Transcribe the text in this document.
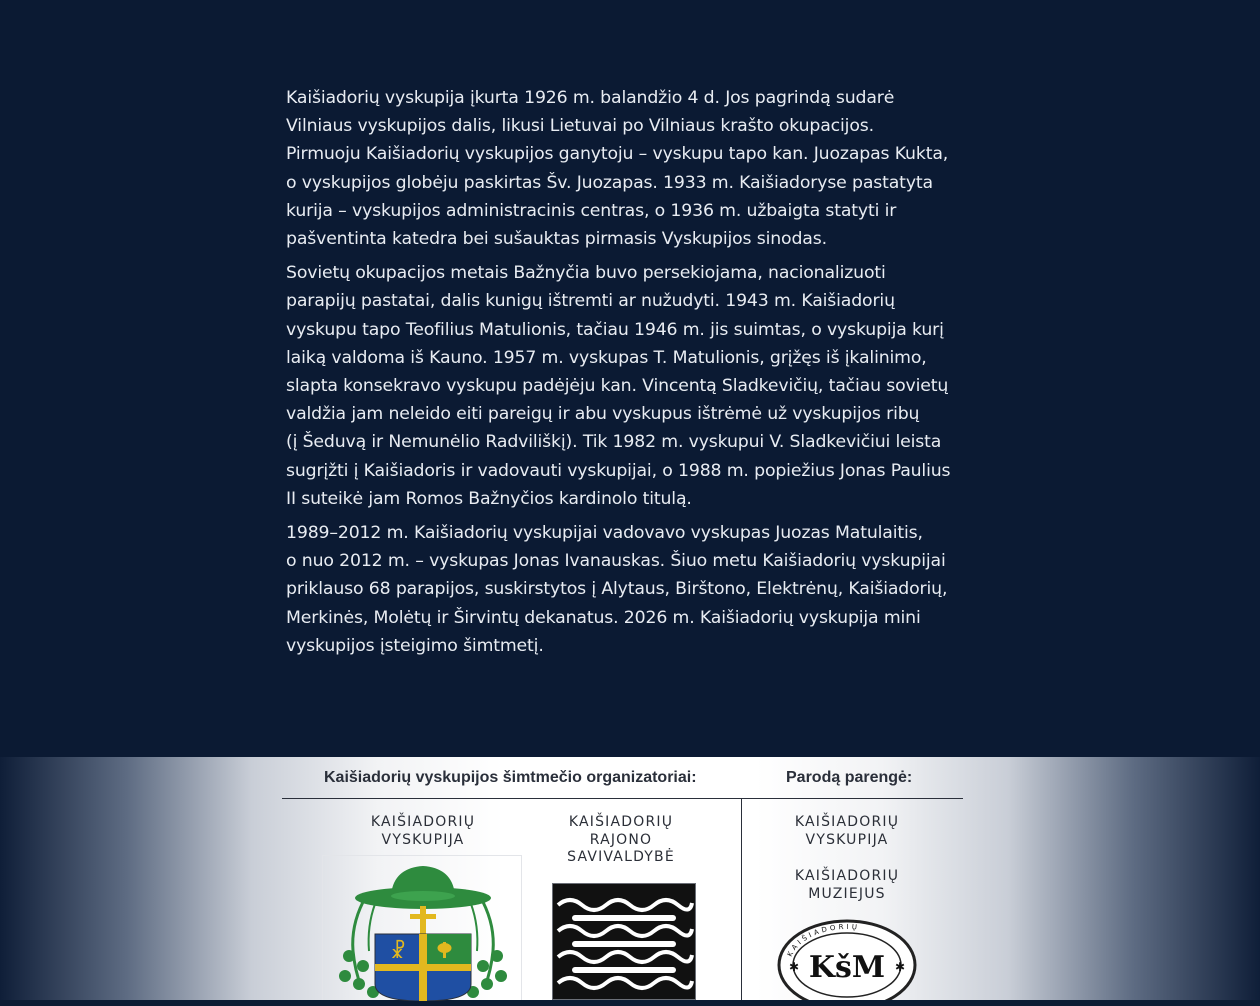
Kaišiadorių vyskupija įkurta 1926 m. balandžio 4 d. Jos pagrindą sudarė
Vilniaus vyskupijos dalis, likusi Lietuvai po Vilniaus krašto okupacijos.
Pirmuoju Kaišiadorių vyskupijos ganytoju – vyskupu tapo kan. Juozapas Kukta,
o vyskupijos globėju paskirtas Šv. Juozapas. 1933 m. Kaišiadoryse pastatyta
kurija – vyskupijos administracinis centras, o 1936 m. užbaigta statyti ir
pašventinta katedra bei sušauktas pirmasis Vyskupijos sinodas.

Sovietų okupacijos metais Bažnyčia buvo persekiojama, nacionalizuoti
parapijų pastatai, dalis kunigų ištremti ar nužudyti. 1943 m. Kaišiadorių
vyskupu tapo Teofilius Matulionis, tačiau 1946 m. jis suimtas, o vyskupija kurį
laiką valdoma iš Kauno. 1957 m. vyskupas T. Matulionis, grįžęs iš įkalinimo,
slapta konsekravo vyskupu padėjėju kan. Vincentą Sladkevičių, tačiau sovietų
valdžia jam neleido eiti pareigų ir abu vyskupus ištrėmė už vyskupijos ribų
(į Šeduvą ir Nemunėlio Radviliškį). Tik 1982 m. vyskupui V. Sladkevičiui leista
sugrįžti į Kaišiadoris ir vadovauti vyskupijai, o 1988 m. popiežius Jonas Paulius
II suteikė jam Romos Bažnyčios kardinolo titulą.

1989–2012 m. Kaišiadorių vyskupijai vadovavo vyskupas Juozas Matulaitis,
o nuo 2012 m. – vyskupas Jonas Ivanauskas. Šiuo metu Kaišiadorių vyskupijai
priklauso 68 parapijos, suskirstytos į Alytaus, Birštono, Elektrėnų, Kaišiadorių,
Merkinės, Molėtų ir Širvintų dekanatus. 2026 m. Kaišiadorių vyskupija mini
vyskupijos įsteigimo šimtmetį.

Kaišiadorių vyskupijos šimtmečio organizatoriai:	Parodą parengė:
KAIŠIADORIŲ
VYSKUPIJA
☧
KAIŠIADORIŲ
RAJONO
SAVIVALDYBĖ
KAIŠIADORIŲ
VYSKUPIJA
KAIŠIADORIŲ
MUZIEJUS
KšM
✱	✱
KAIŠIADORIŲ
